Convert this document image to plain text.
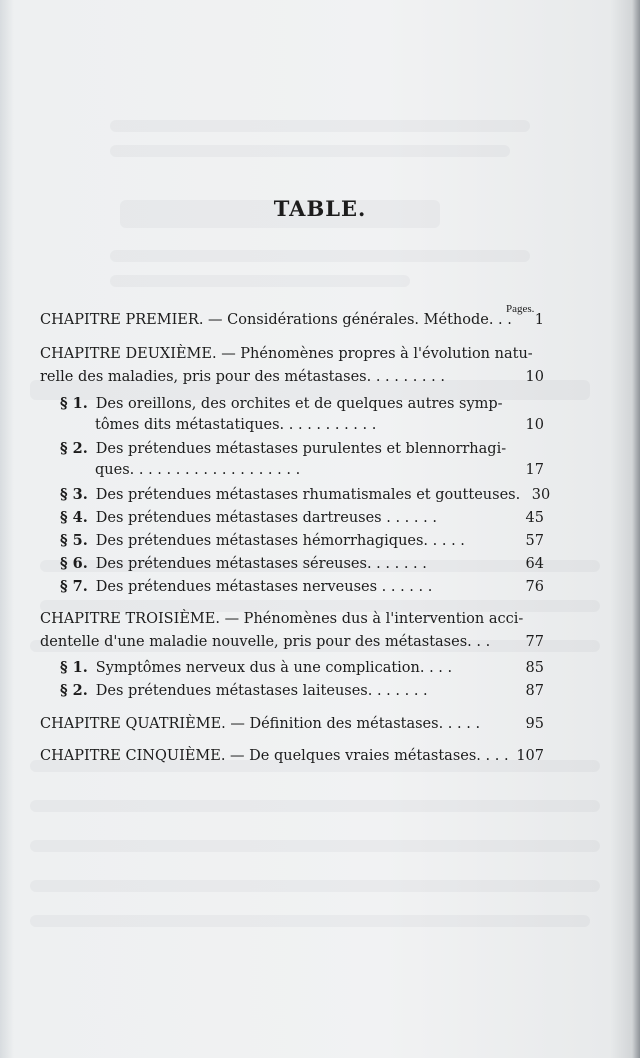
TABLE.
Pages.
CHAPITRE PREMIER. — Considérations générales. Méthode. . .	1
CHAPITRE DEUXIÈME. — Phénomènes propres à l'évolution natu-
relle des maladies, pris pour des métastases. . . . . . . . .	10
§ 1. Des oreillons, des orchites et de quelques autres symp-
tômes dits métastatiques. . . . . . . . . . .	10
§ 2. Des prétendues métastases purulentes et blennorrhagi-
ques. . . . . . . . . . . . . . . . . . .	17
§ 3. Des prétendues métastases rhumatismales et goutteuses. 30
§ 4. Des prétendues métastases dartreuses . . . . . .	45
§ 5. Des prétendues métastases hémorrhagiques. . . . .	57
§ 6. Des prétendues métastases séreuses. . . . . . .	64
§ 7. Des prétendues métastases nerveuses . . . . . .	76
CHAPITRE TROISIÈME. — Phénomènes dus à l'intervention acci-
dentelle d'une maladie nouvelle, pris pour des métastases. . .	77
§ 1. Symptômes nerveux dus à une complication. . . .	85
§ 2. Des prétendues métastases laiteuses. . . . . . .	87
CHAPITRE QUATRIÈME. — Définition des métastases. . . . .	95
CHAPITRE CINQUIÈME. — De quelques vraies métastases. . . . 107
